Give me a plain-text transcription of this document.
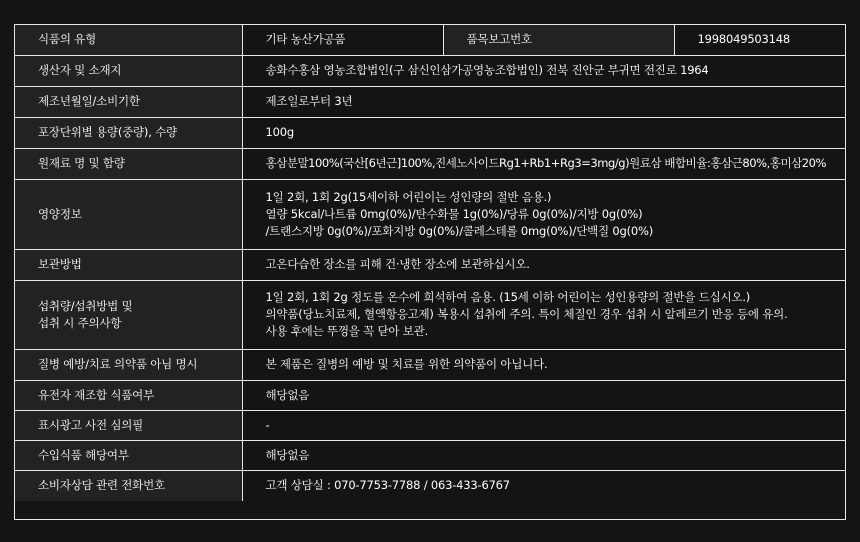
식품의 유형	기타 농산가공품	품목보고번호	1998049503148
생산자 및 소재지	송화수홍삼 영농조합법인(구 삼신인삼가공영농조합법인) 전북 진안군 부귀면 전진로 1964		
제조년월일/소비기한	제조일로부터 3년		
포장단위별 용량(중량), 수량	100g		
원재료 명 및 함량	홍삼분말100%(국산[6년근]100%,진세노사이드Rg1+Rb1+Rg3=3mg/g)원료삼 배합비율:홍삼근80%,홍미삼20%		
영양정보	1일 2회, 1회 2g(15세이하 어린이는 성인량의 절반 음용.)
열량 5kcal/나트륨 0mg(0%)/탄수화물 1g(0%)/당류 0g(0%)/지방 0g(0%)
/트랜스지방 0g(0%)/포화지방 0g(0%)/콜레스테롤 0mg(0%)/단백질 0g(0%)		

보관방법	고온다습한 장소를 피해 건·냉한 장소에 보관하십시오.		

섭취량/섭취방법 및
섭취 시 주의사항	1일 2회, 1회 2g 정도를 온수에 희석하여 음용. (15세 이하 어린이는 성인용량의 절반을 드십시오.)
의약품(당뇨치료제, 혈액항응고제) 복용시 섭취에 주의. 특이 체질인 경우 섭취 시 알레르기 반응 등에 유의.
사용 후에는 뚜껑을 꼭 닫아 보관.		

질병 예방/치료 의약품 아님 명시	본 제품은 질병의 예방 및 치료를 위한 의약품이 아닙니다.		
유전자 재조합 식품여부	해당없음		
표시광고 사전 심의필	-		
수입식품 해당여부	해당없음		
소비자상담 관련 전화번호	고객 상담실 : 070-7753-7788 / 063-433-6767		
